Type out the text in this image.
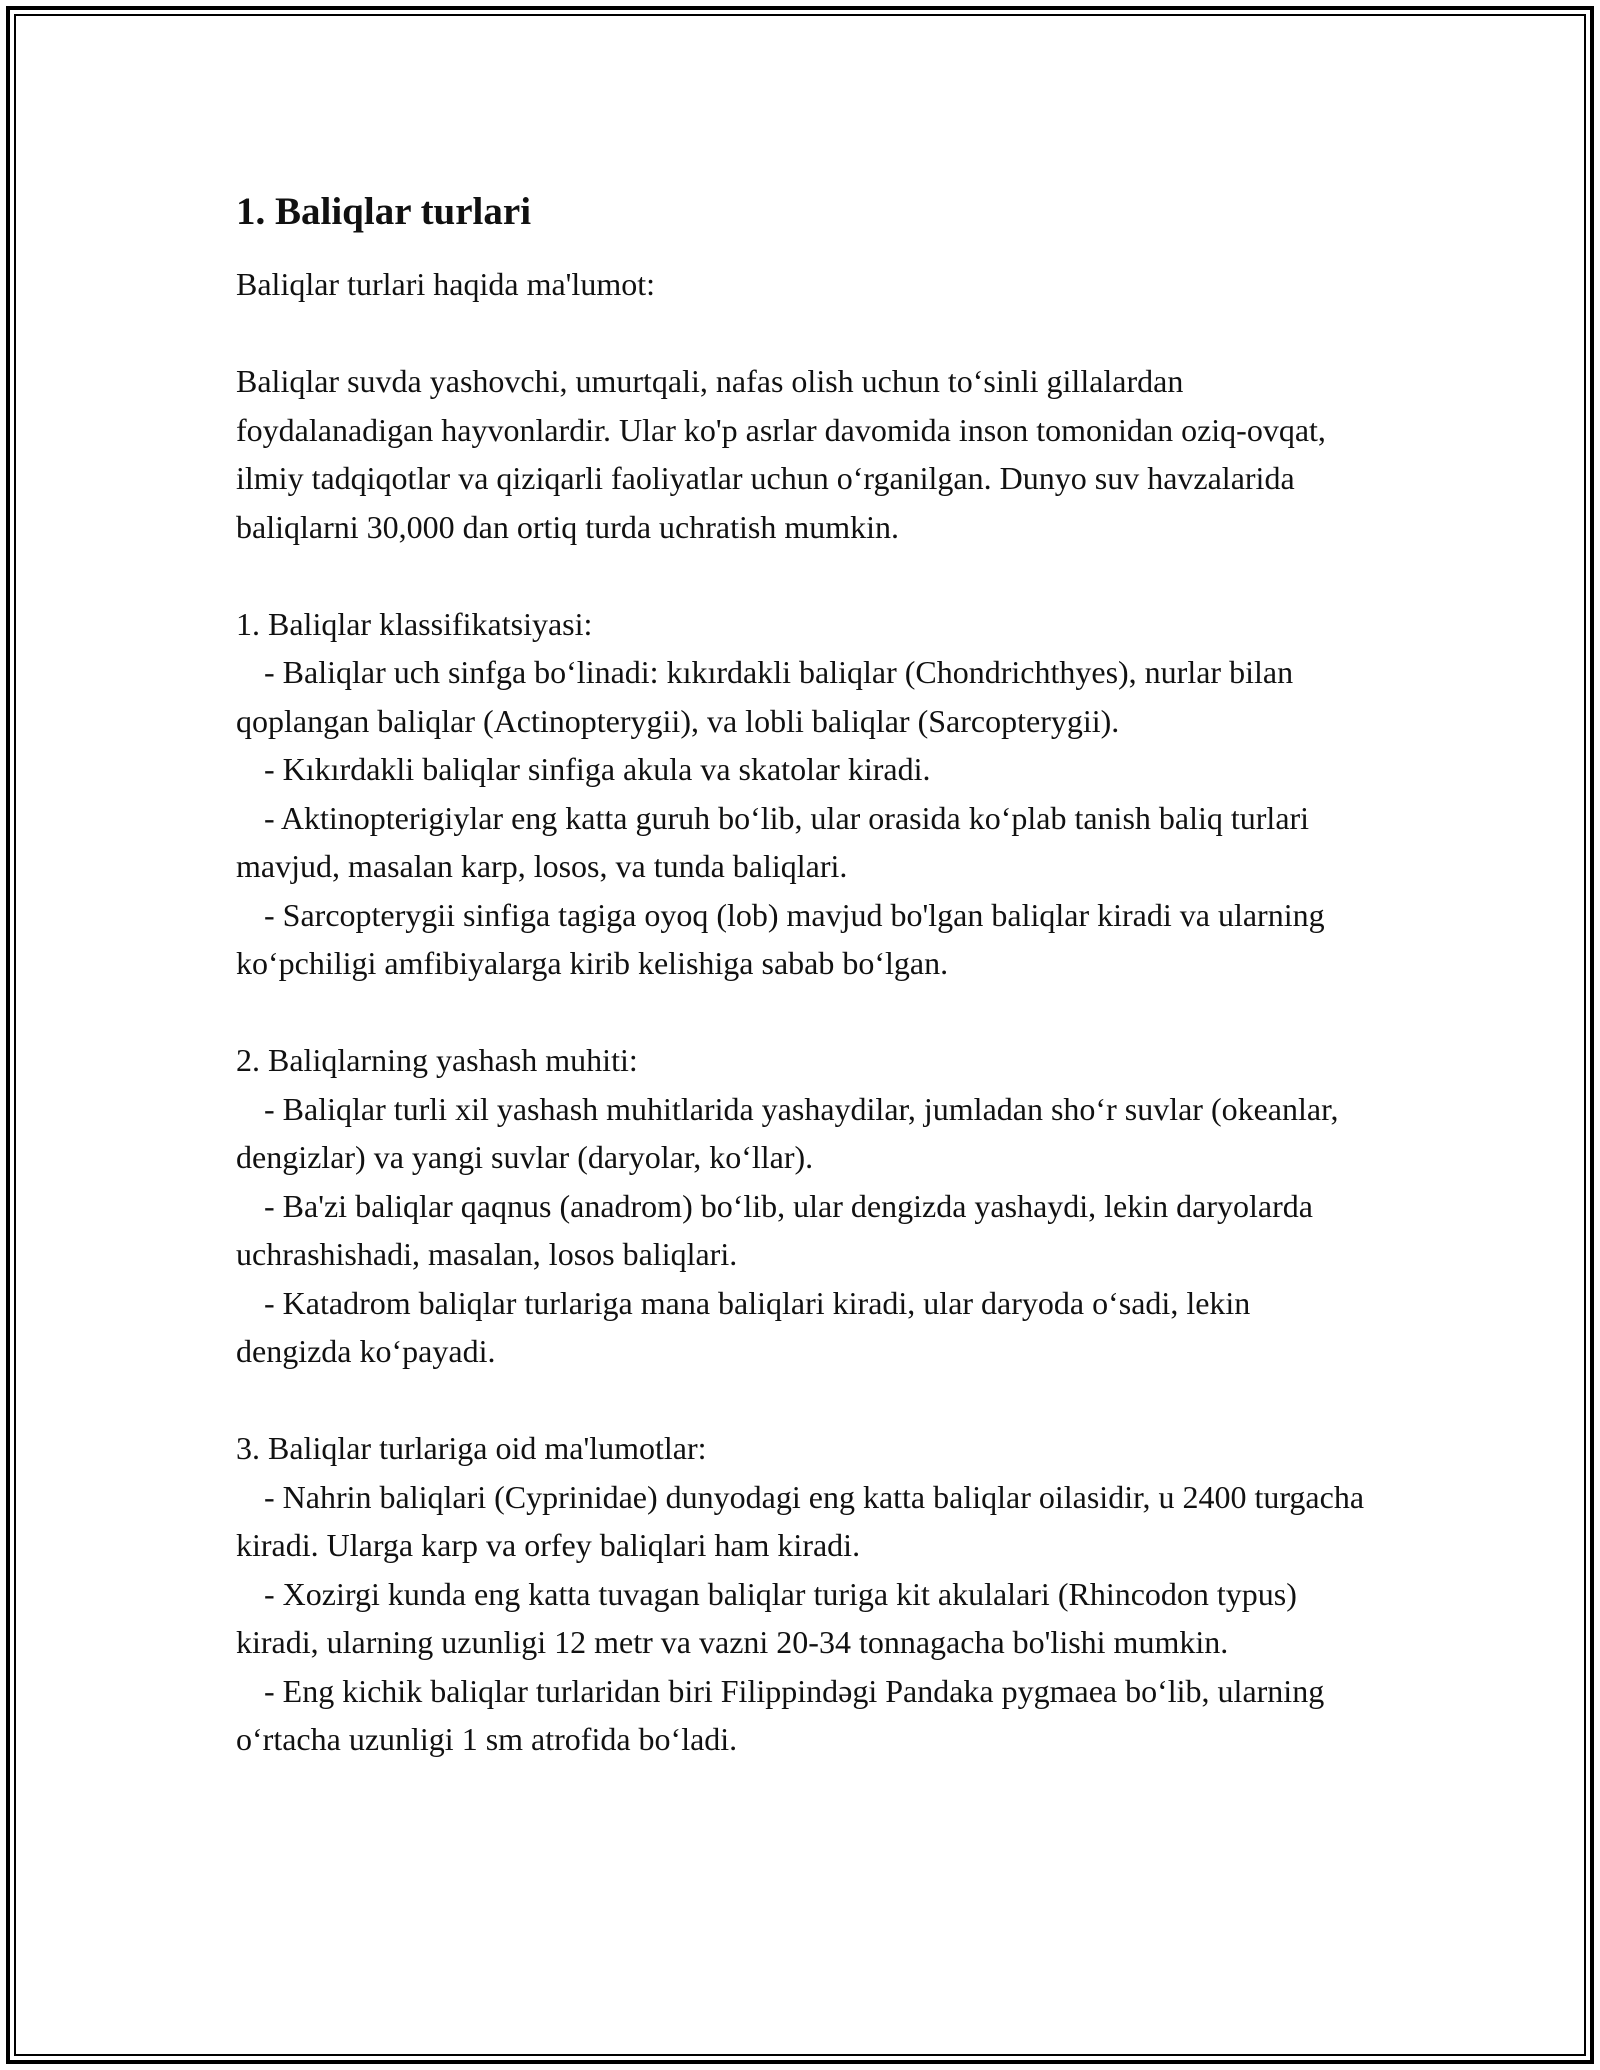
1. Baliqlar turlari

Baliqlar turlari haqida ma'lumot:

Baliqlar suvda yashovchi, umurtqali, nafas olish uchun to‘sinli gillalardan foydalanadigan hayvonlardir. Ular ko'p asrlar davomida inson tomonidan oziq-ovqat, ilmiy tadqiqotlar va qiziqarli faoliyatlar uchun o‘rganilgan. Dunyo suv havzalarida baliqlarni 30,000 dan ortiq turda uchratish mumkin.

1. Baliqlar klassifikatsiyasi:

- Baliqlar uch sinfga bo‘linadi: kıkırdakli baliqlar (Chondrichthyes), nurlar bilan qoplangan baliqlar (Actinopterygii), va lobli baliqlar (Sarcopterygii).

- Kıkırdakli baliqlar sinfiga akula va skatolar kiradi.

- Aktinopterigiylar eng katta guruh bo‘lib, ular orasida ko‘plab tanish baliq turlari mavjud, masalan karp, losos, va tunda baliqlari.

- Sarcopterygii sinfiga tagiga oyoq (lob) mavjud bo'lgan baliqlar kiradi va ularning ko‘pchiligi amfibiyalarga kirib kelishiga sabab bo‘lgan.

2. Baliqlarning yashash muhiti:

- Baliqlar turli xil yashash muhitlarida yashaydilar, jumladan sho‘r suvlar (okeanlar, dengizlar) va yangi suvlar (daryolar, ko‘llar).

- Ba'zi baliqlar qaqnus (anadrom) bo‘lib, ular dengizda yashaydi, lekin daryolarda uchrashishadi, masalan, losos baliqlari.

- Katadrom baliqlar turlariga mana baliqlari kiradi, ular daryoda o‘sadi, lekin dengizda ko‘payadi.

3. Baliqlar turlariga oid ma'lumotlar:

- Nahrin baliqlari (Cyprinidae) dunyodagi eng katta baliqlar oilasidir, u 2400 turgacha kiradi. Ularga karp va orfey baliqlari ham kiradi.

- Xozirgi kunda eng katta tuvagan baliqlar turiga kit akulalari (Rhincodon typus) kiradi, ularning uzunligi 12 metr va vazni 20-34 tonnagacha bo'lishi mumkin.

- Eng kichik baliqlar turlaridan biri Filippindәgi Pandaka pygmaea bo‘lib, ularning o‘rtacha uzunligi 1 sm atrofida bo‘ladi.
